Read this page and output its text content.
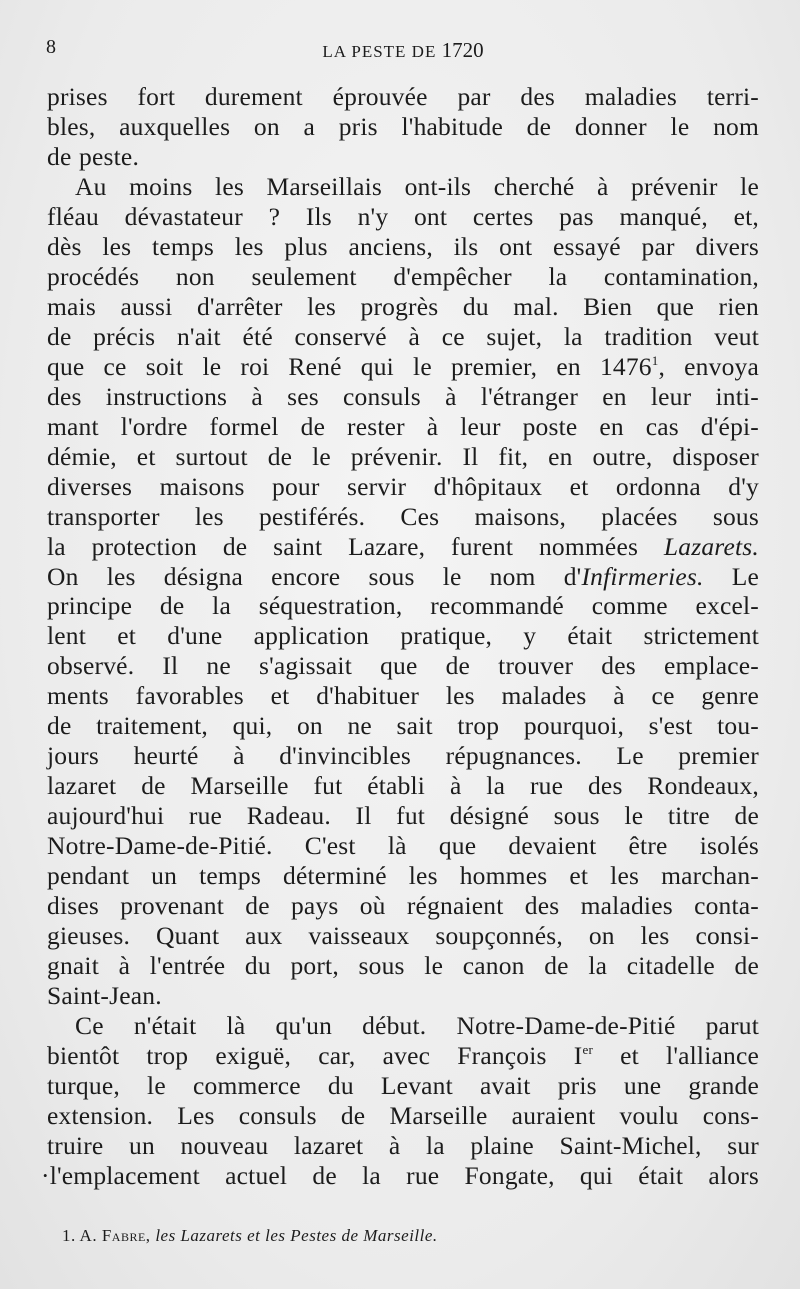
8	LA PESTE DE 1720
prises fort durement éprouvée par des maladies terri-
bles, auxquelles on a pris l'habitude de donner le nom
de peste.
Au moins les Marseillais ont-ils cherché à prévenir le
fléau dévastateur ? Ils n'y ont certes pas manqué, et,
dès les temps les plus anciens, ils ont essayé par divers
procédés non seulement d'empêcher la contamination,
mais aussi d'arrêter les progrès du mal. Bien que rien
de précis n'ait été conservé à ce sujet, la tradition veut
que ce soit le roi René qui le premier, en 1476$^1$, envoya
des instructions à ses consuls à l'étranger en leur inti-
mant l'ordre formel de rester à leur poste en cas d'épi-
démie, et surtout de le prévenir. Il fit, en outre, disposer
diverses maisons pour servir d'hôpitaux et ordonna d'y
transporter les pestiférés. Ces maisons, placées sous
la protection de saint Lazare, furent nommées Lazarets.
On les désigna encore sous le nom d'Infirmeries. Le
principe de la séquestration, recommandé comme excel-
lent et d'une application pratique, y était strictement
observé. Il ne s'agissait que de trouver des emplace-
ments favorables et d'habituer les malades à ce genre
de traitement, qui, on ne sait trop pourquoi, s'est tou-
jours heurté à d'invincibles répugnances. Le premier
lazaret de Marseille fut établi à la rue des Rondeaux,
aujourd'hui rue Radeau. Il fut désigné sous le titre de
Notre-Dame-de-Pitié. C'est là que devaient être isolés
pendant un temps déterminé les hommes et les marchan-
dises provenant de pays où régnaient des maladies conta-
gieuses. Quant aux vaisseaux soupçonnés, on les consi-
gnait à l'entrée du port, sous le canon de la citadelle de
Saint-Jean.
Ce n'était là qu'un début. Notre-Dame-de-Pitié parut
bientôt trop exiguë, car, avec François Ier et l'alliance
turque, le commerce du Levant avait pris une grande
extension. Les consuls de Marseille auraient voulu cons-
truire un nouveau lazaret à la plaine Saint-Michel, sur
·l'emplacement actuel de la rue Fongate, qui était alors
1. A. Fabre, les Lazarets et les Pestes de Marseille.
